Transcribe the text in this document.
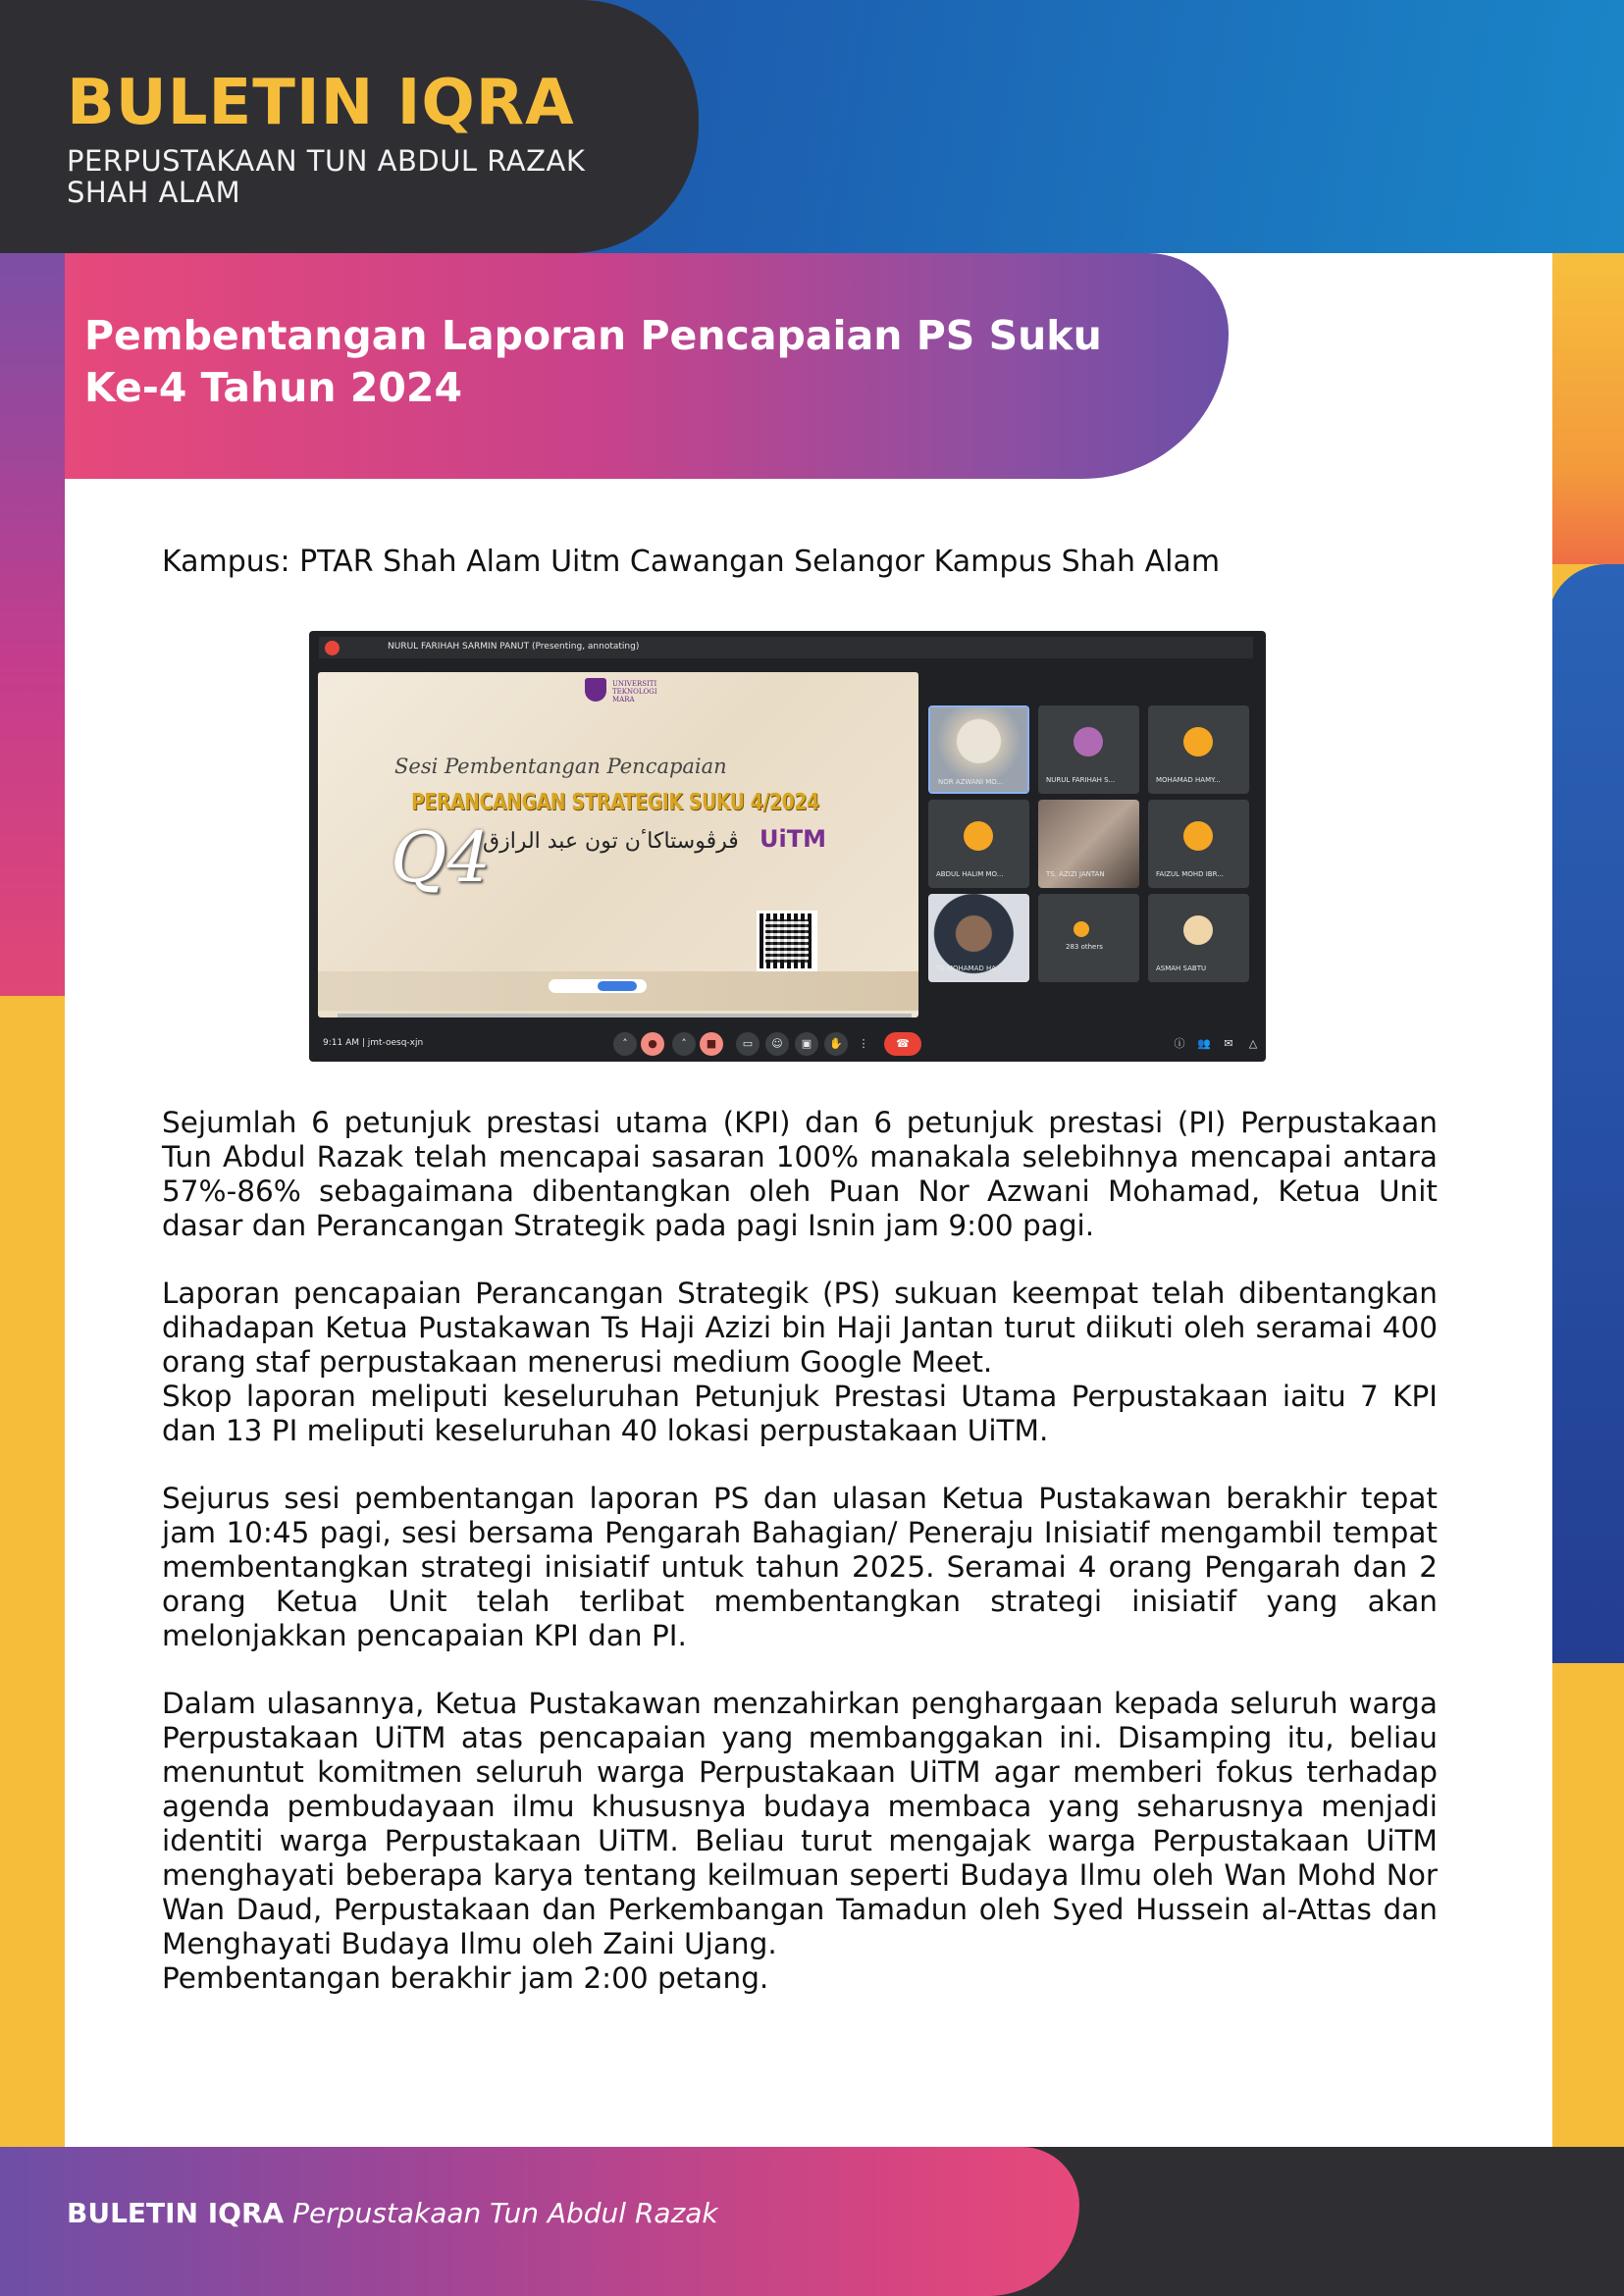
BULETIN IQRA
PERPUSTAKAAN TUN ABDUL RAZAK
SHAH ALAM
Pembentangan Laporan Pencapaian PS Suku
Ke-4 Tahun 2024
Kampus: PTAR Shah Alam Uitm Cawangan Selangor Kampus Shah Alam
NURUL FARIHAH SARMIN PANUT (Presenting, annotating)
UNIVERSITI
TEKNOLOGI
MARA
Sesi Pembentangan Pencapaian
PERANCANGAN STRATEGIK SUKU 4/2024
Q4
ڤرڤوستاکاٴن تون عبد الرازق UiTM
NOR AZWANI MO...	NURUL FARIHAH S...	MOHAMAD HAMY...
ABDUL HALIM MO...	TS. AZIZI JANTAN	FAIZUL MOHD IBR...
TS MOHAMAD HA...
283 others
ASMAH SABTU
9:11 AM | jmt-oesq-xjn	˄	●	˄	■	▭	☺	▣	✋	⋮	☎	ⓘ	👥	✉	△

Sejumlah 6 petunjuk prestasi utama (KPI) dan 6 petunjuk prestasi (PI) Perpustakaan Tun Abdul Razak telah mencapai sasaran 100% manakala selebihnya mencapai antara 57%-86% sebagaimana dibentangkan oleh Puan Nor Azwani Mohamad, Ketua Unit dasar dan Perancangan Strategik pada pagi Isnin jam 9:00 pagi.

Laporan pencapaian Perancangan Strategik (PS) sukuan keempat telah dibentangkan dihadapan Ketua Pustakawan Ts Haji Azizi bin Haji Jantan turut diikuti oleh seramai 400 orang staf perpustakaan menerusi medium Google Meet.

Skop laporan meliputi keseluruhan Petunjuk Prestasi Utama Perpustakaan iaitu 7 KPI dan 13 PI meliputi keseluruhan 40 lokasi perpustakaan UiTM.

Sejurus sesi pembentangan laporan PS dan ulasan Ketua Pustakawan berakhir tepat jam 10:45 pagi, sesi bersama Pengarah Bahagian/ Peneraju Inisiatif mengambil tempat membentangkan strategi inisiatif untuk tahun 2025. Seramai 4 orang Pengarah dan 2 orang Ketua Unit telah terlibat membentangkan strategi inisiatif yang akan melonjakkan pencapaian KPI dan PI.

Dalam ulasannya, Ketua Pustakawan menzahirkan penghargaan kepada seluruh warga Perpustakaan UiTM atas pencapaian yang membanggakan ini. Disamping itu, beliau menuntut komitmen seluruh warga Perpustakaan UiTM agar memberi fokus terhadap agenda pembudayaan ilmu khususnya budaya membaca yang seharusnya menjadi identiti warga Perpustakaan UiTM. Beliau turut mengajak warga Perpustakaan UiTM menghayati beberapa karya tentang keilmuan seperti Budaya Ilmu oleh Wan Mohd Nor Wan Daud, Perpustakaan dan Perkembangan Tamadun oleh Syed Hussein al-Attas dan Menghayati Budaya Ilmu oleh Zaini Ujang.

Pembentangan berakhir jam 2:00 petang.

BULETIN IQRA Perpustakaan Tun Abdul Razak
